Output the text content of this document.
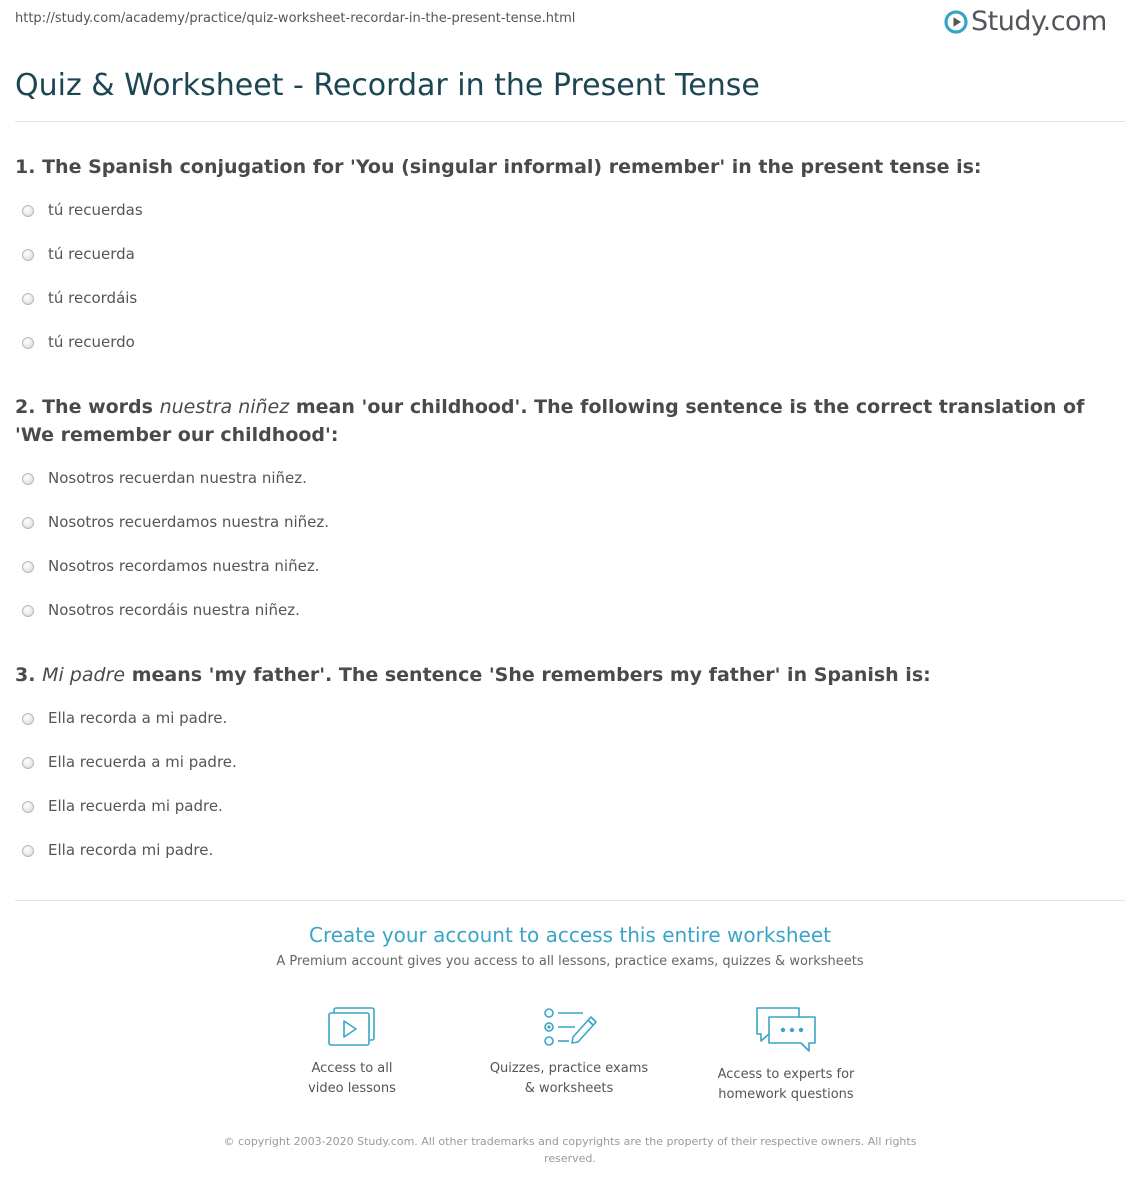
http://study.com/academy/practice/quiz-worksheet-recordar-in-the-present-tense.html	Study.com
Quiz & Worksheet - Recordar in the Present Tense

1. The Spanish conjugation for 'You (singular informal) remember' in the present tense is:

tú recuerdas
tú recuerda
tú recordáis
tú recuerdo

2. The words nuestra niñez mean 'our childhood'. The following sentence is the correct translation of 'We remember our childhood':

Nosotros recuerdan nuestra niñez.
Nosotros recuerdamos nuestra niñez.
Nosotros recordamos nuestra niñez.
Nosotros recordáis nuestra niñez.

3. Mi padre means 'my father'. The sentence 'She remembers my father' in Spanish is:

Ella recorda a mi padre.
Ella recuerda a mi padre.
Ella recuerda mi padre.
Ella recorda mi padre.
Create your account to access this entire worksheet
A Premium account gives you access to all lessons, practice exams, quizzes & worksheets
Access to all
video lessons
Quizzes, practice exams
& worksheets
Access to experts for
homework questions
© copyright 2003-2020 Study.com. All other trademarks and copyrights are the property of their respective owners. All rights
reserved.
